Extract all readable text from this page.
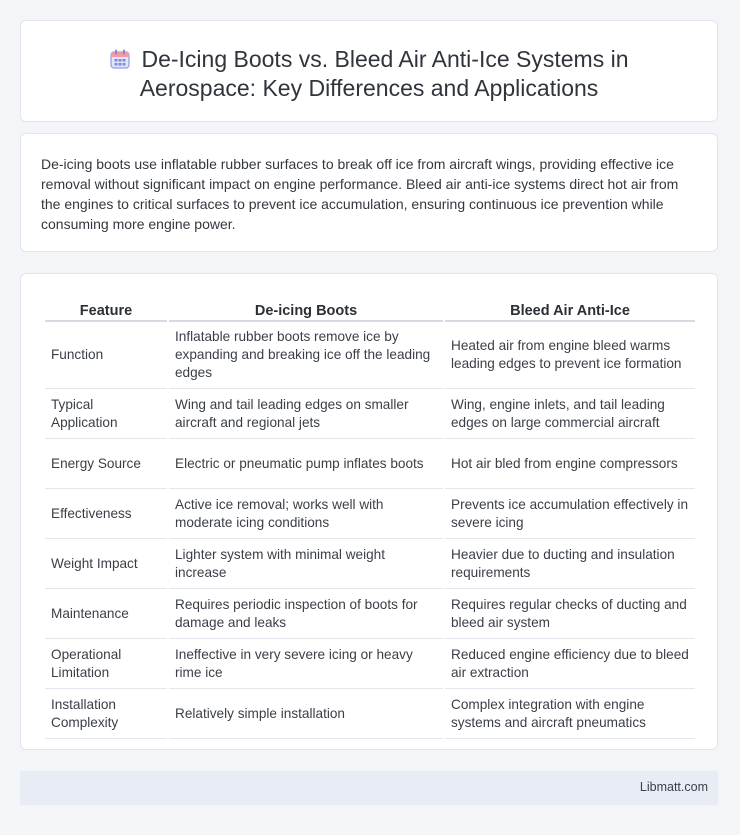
De-Icing Boots vs. Bleed Air Anti-Ice Systems in
Aerospace: Key Differences and Applications
De-icing boots use inflatable rubber surfaces to break off ice from aircraft wings, providing effective ice removal without significant impact on engine performance. Bleed air anti-ice systems direct hot air from the engines to critical surfaces to prevent ice accumulation, ensuring continuous ice prevention while consuming more engine power.
Feature	De-icing Boots	Bleed Air Anti-Ice
Function	Inflatable rubber boots remove ice by expanding and breaking ice off the leading edges	Heated air from engine bleed warms leading edges to prevent ice formation
Typical Application	Wing and tail leading edges on smaller aircraft and regional jets	Wing, engine inlets, and tail leading edges on large commercial aircraft
Energy Source	Electric or pneumatic pump inflates boots	Hot air bled from engine compressors
Effectiveness	Active ice removal; works well with moderate icing conditions	Prevents ice accumulation effectively in severe icing
Weight Impact	Lighter system with minimal weight increase	Heavier due to ducting and insulation requirements
Maintenance	Requires periodic inspection of boots for damage and leaks	Requires regular checks of ducting and bleed air system
Operational Limitation	Ineffective in very severe icing or heavy rime ice	Reduced engine efficiency due to bleed air extraction
Installation Complexity	Relatively simple installation	Complex integration with engine systems and aircraft pneumatics
Libmatt.com
